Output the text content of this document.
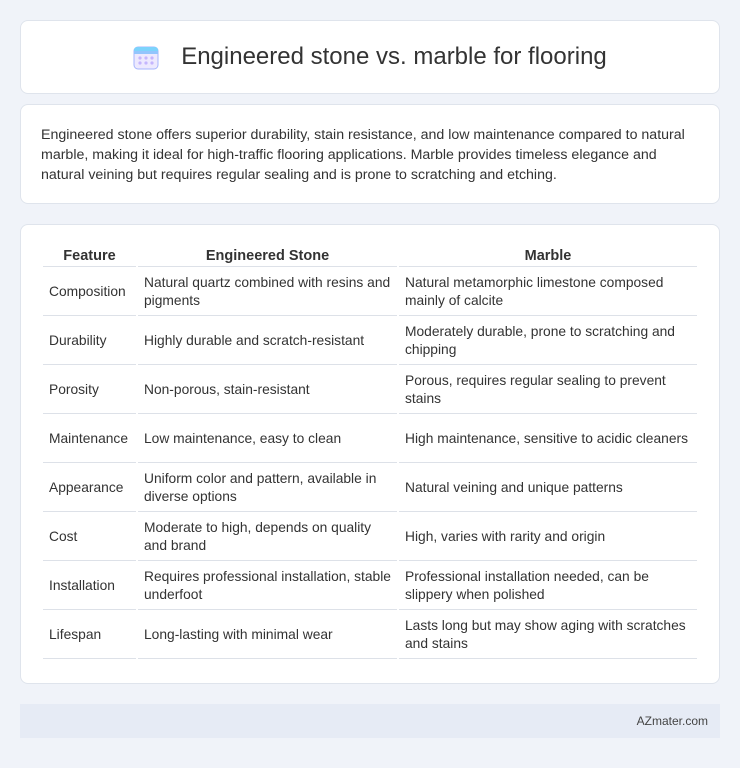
Engineered stone vs. marble for flooring

Engineered stone offers superior durability, stain resistance, and low maintenance compared to natural marble, making it ideal for high-traffic flooring applications. Marble provides timeless elegance and natural veining but requires regular sealing and is prone to scratching and etching.

Feature	Engineered Stone	Marble
Composition	Natural quartz combined with resins and pigments	Natural metamorphic limestone composed mainly of calcite
Durability	Highly durable and scratch-resistant	Moderately durable, prone to scratching and chipping
Porosity	Non-porous, stain-resistant	Porous, requires regular sealing to prevent stains
Maintenance	Low maintenance, easy to clean	High maintenance, sensitive to acidic cleaners
Appearance	Uniform color and pattern, available in diverse options	Natural veining and unique patterns
Cost	Moderate to high, depends on quality and brand	High, varies with rarity and origin
Installation	Requires professional installation, stable underfoot	Professional installation needed, can be slippery when polished
Lifespan	Long-lasting with minimal wear	Lasts long but may show aging with scratches and stains
AZmater.com
